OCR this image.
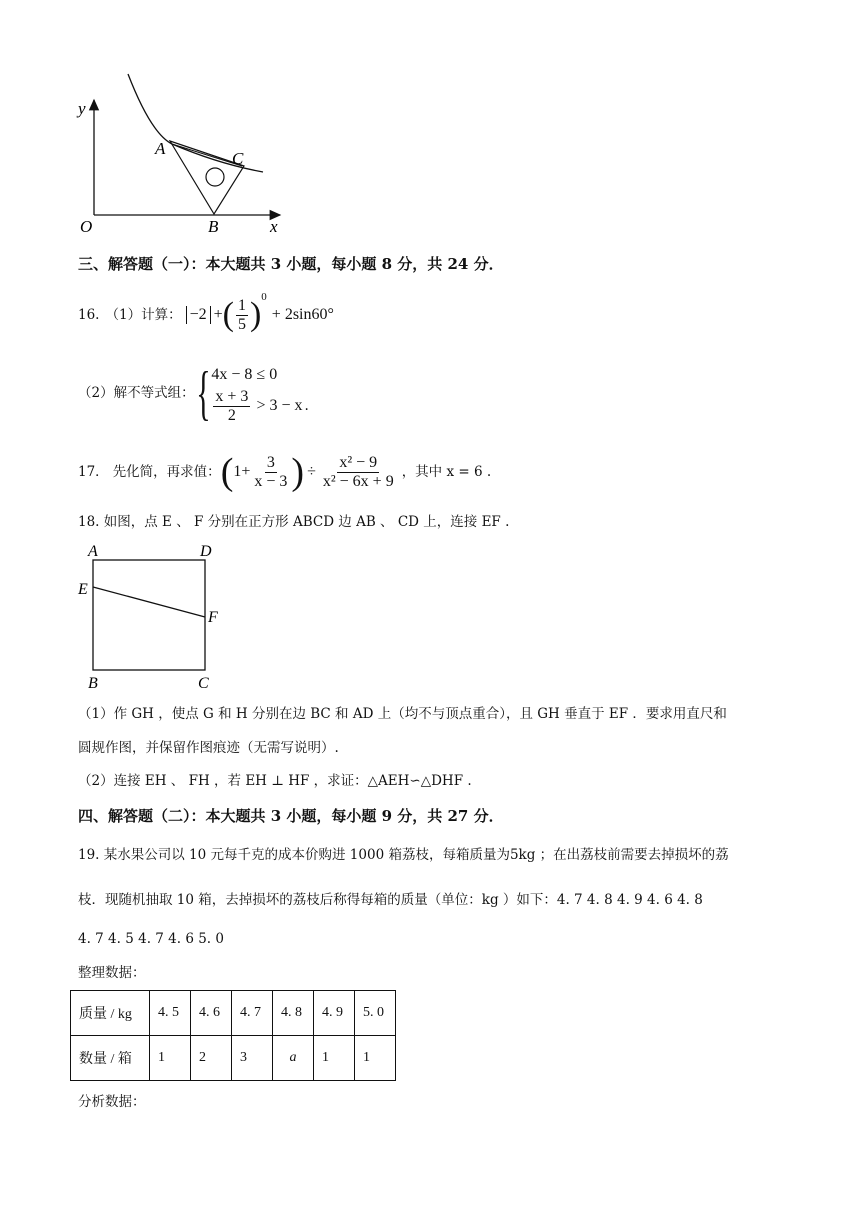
y
x
O
A
B
C
三、解答题（一）：本大题共 3 小题，每小题 8 分，共 24 分．
16. （1）计算： −2 + ( $\frac{1}{5}$ ) 0
+ 2sin60°
（2）解不等式组： { 4x − 8 ≤ 0
$\frac{x + 3}{2} > 3 - x$ .
17． 先化简，再求值： ( $1+ \frac{3}{x - 3}$ ) ÷ $\frac{\text{x² − 9}}{\text{x² − 6x + 9}}$ ，其中 x = 6 .
18. 如图，点 E 、 F 分别在正方形 ABCD 边 AB 、 CD 上，连接 EF .
A	D
E
F
B	C
（1）作 GH ，使点 G 和 H 分别在边 BC 和 AD 上（均不与顶点重合），且 GH 垂直于 EF ．要求用直尺和
圆规作图，并保留作图痕迹（无需写说明）.
（2）连接 EH 、 FH ，若 EH ⊥ HF ，求证：△AEH∽△DHF .
四、解答题（二）：本大题共 3 小题，每小题 9 分，共 27 分．
19. 某水果公司以 10 元每千克的成本价购进 1000 箱荔枝，每箱质量为5kg ；在出荔枝前需要去掉损坏的荔
枝．现随机抽取 10 箱，去掉损坏的荔枝后称得每箱的质量（单位：kg ）如下：4. 7 4. 8 4. 9 4. 6 4. 8
4. 7 4. 5 4. 7 4. 6 5. 0
整理数据：
质量 / kg	4. 5	4. 6	4. 7	4. 8	4. 9	5. 0
数量 / 箱	1	2	3	a	1	1
分析数据：
